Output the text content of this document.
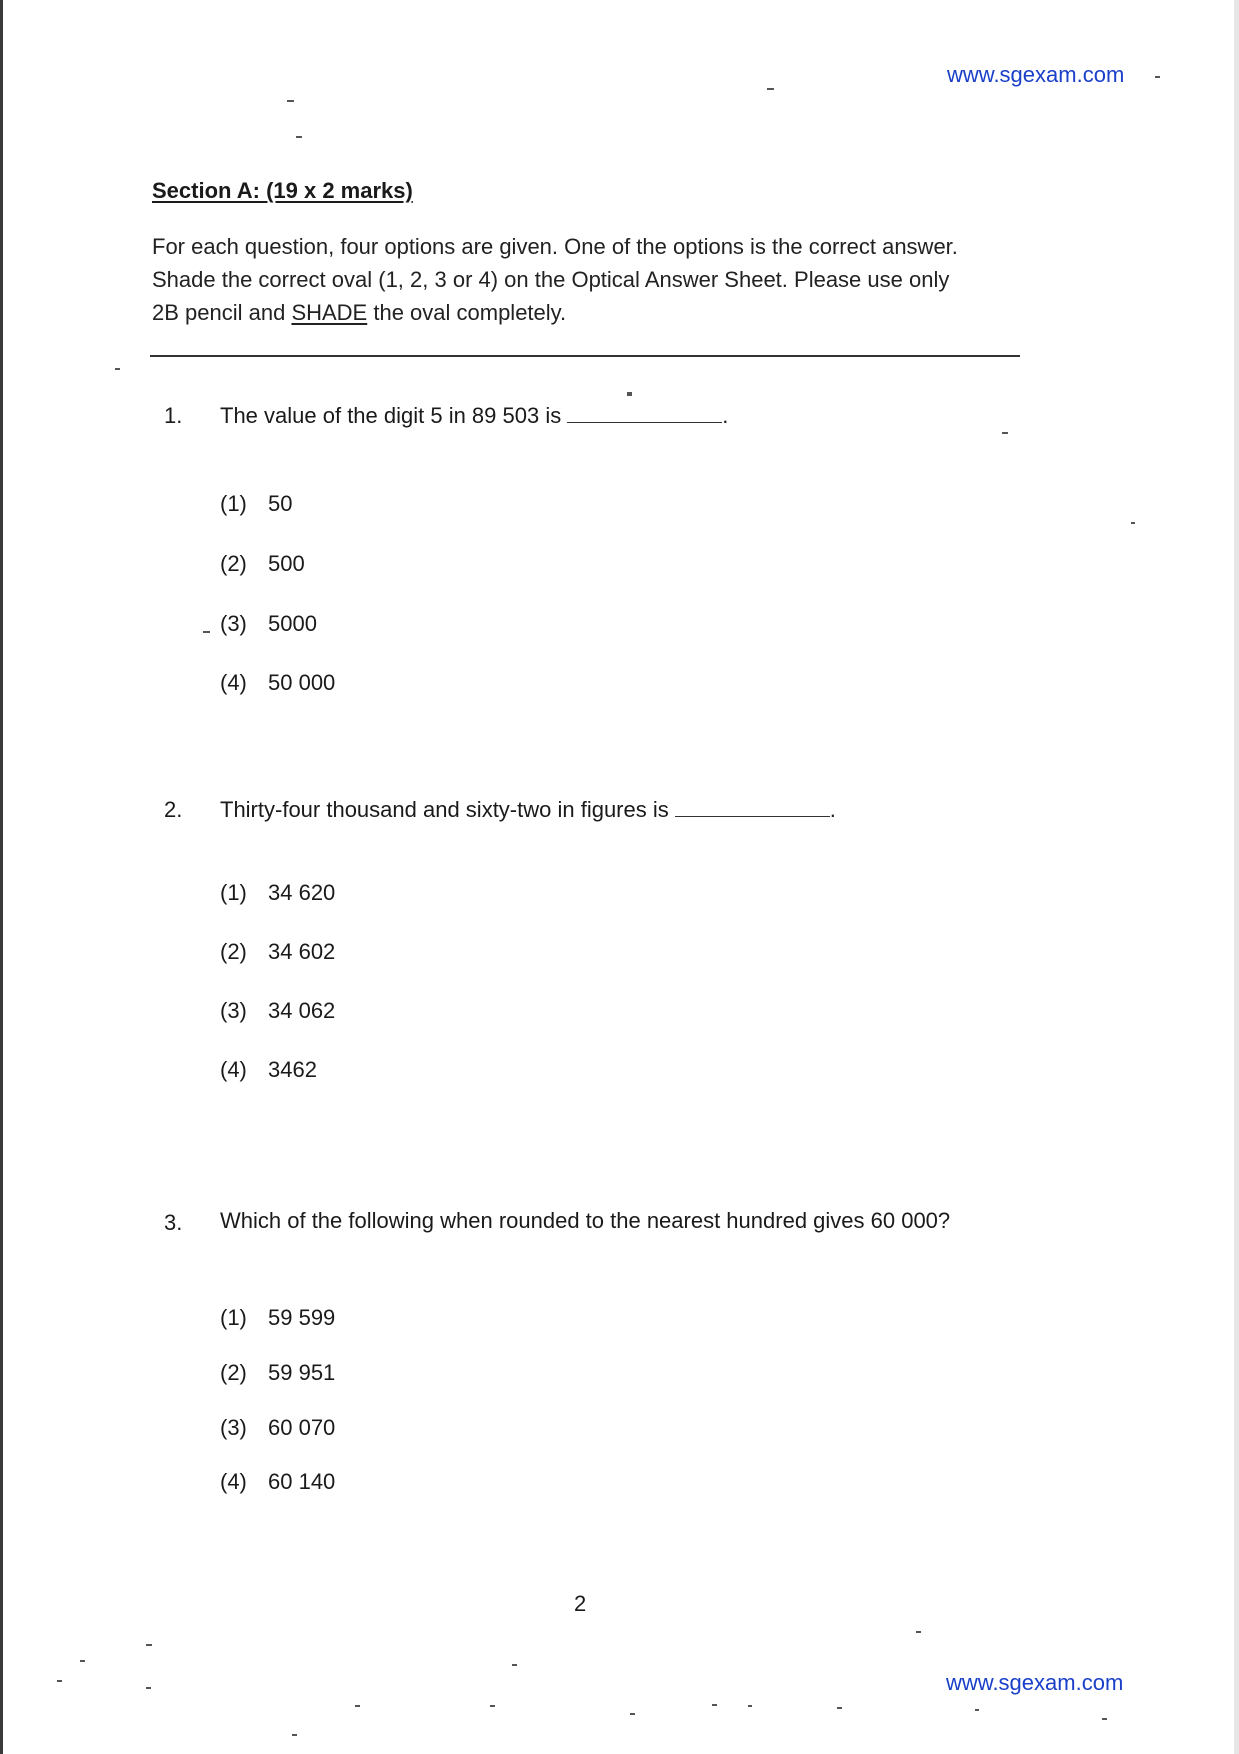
www.sgexam.com
Section A: (19 x 2 marks)
For each question, four options are given. One of the options is the correct answer.
Shade the correct oval (1, 2, 3 or 4) on the Optical Answer Sheet. Please use only
2B pencil and SHADE the oval completely.
1. The value of the digit 5 in 89 503 is	.
(1) 50
(2) 500
(3) 5000
(4) 50 000
2. Thirty-four thousand and sixty-two in figures is	.
(1) 34 620
(2) 34 602
(3) 34 062
(4) 3462
3. Which of the following when rounded to the nearest hundred gives 60 000?
(1) 59 599
(2) 59 951
(3) 60 070
(4) 60 140
2
www.sgexam.com
